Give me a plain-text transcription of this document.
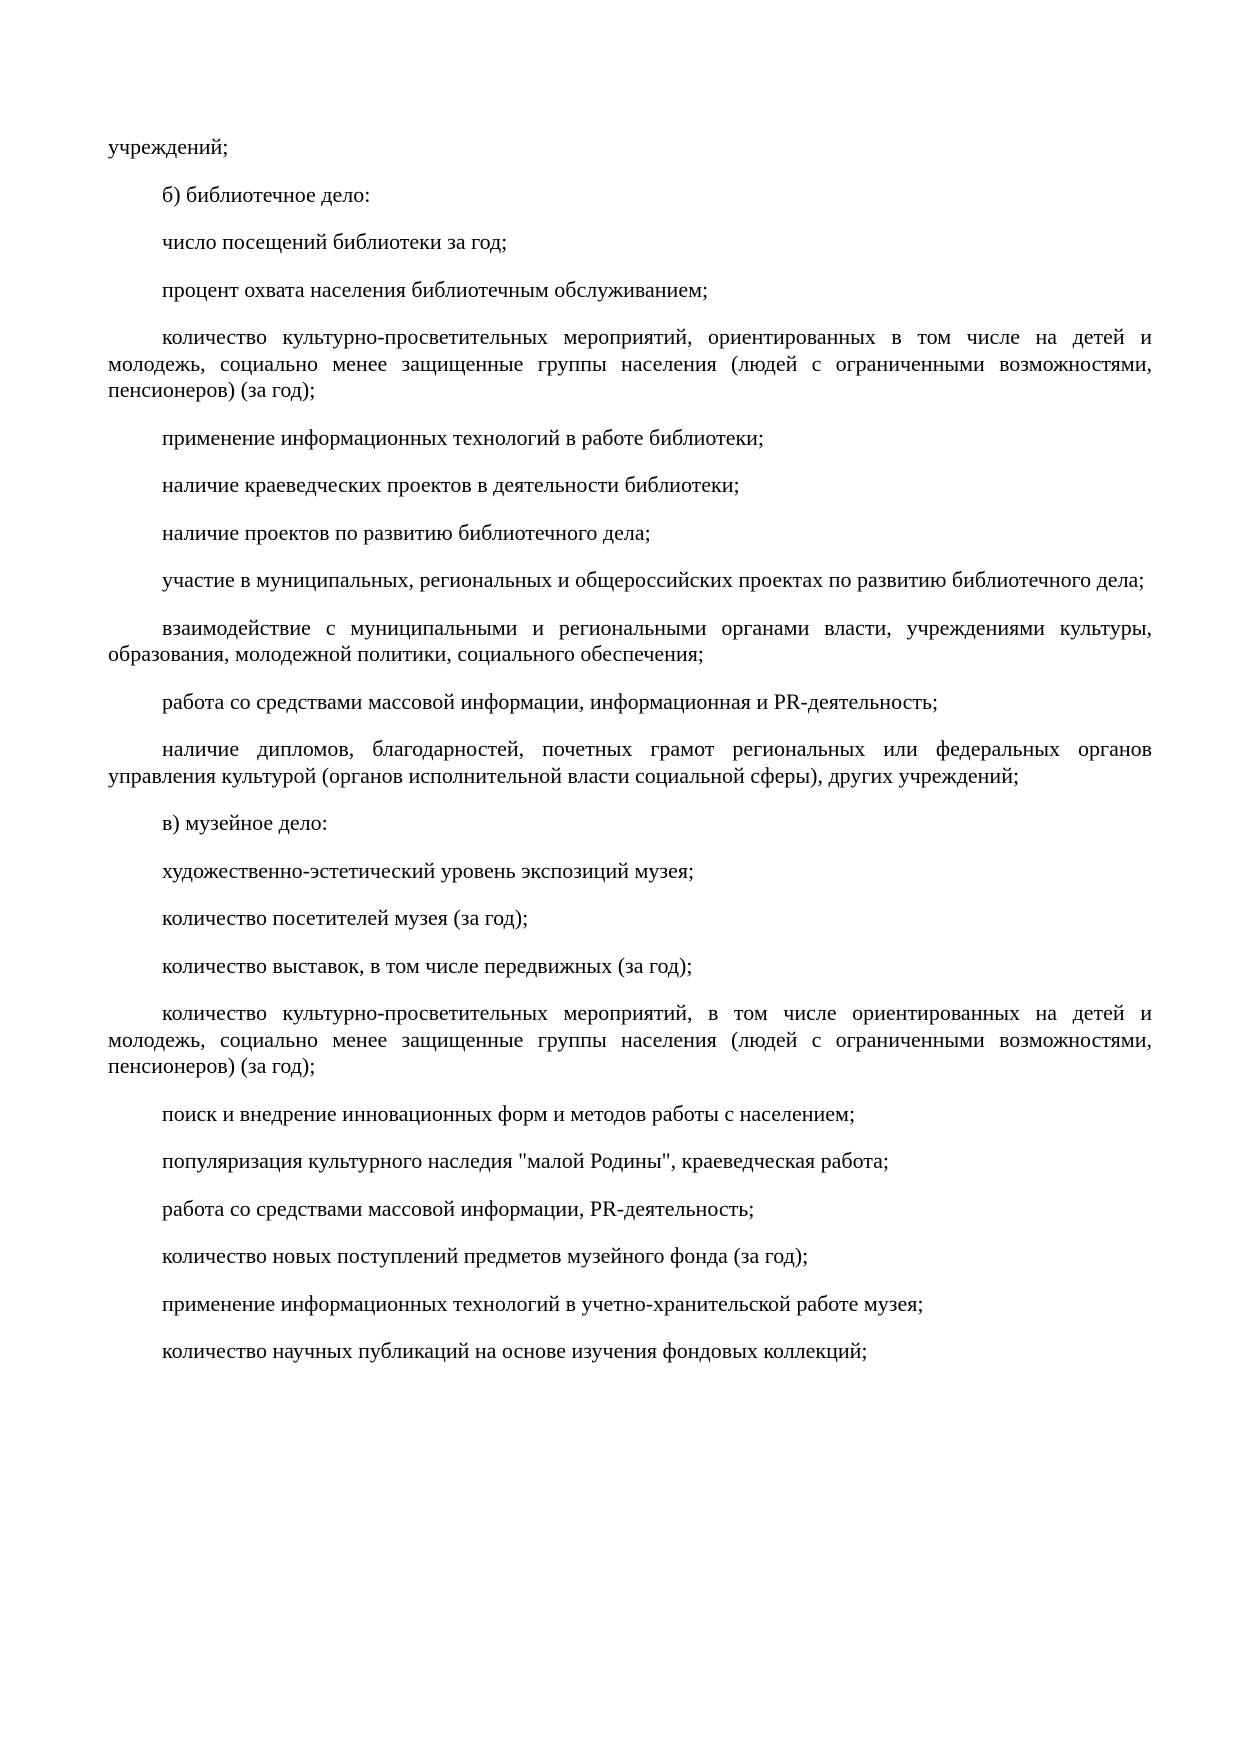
учреждений;

б) библиотечное дело:

число посещений библиотеки за год;

процент охвата населения библиотечным обслуживанием;

количество культурно-просветительных мероприятий, ориентированных в том числе на детей и молодежь, социально менее защищенные группы населения (людей с ограниченными возможностями, пенсионеров) (за год);

применение информационных технологий в работе библиотеки;

наличие краеведческих проектов в деятельности библиотеки;

наличие проектов по развитию библиотечного дела;

участие в муниципальных, региональных и общероссийских проектах по развитию библиотечного дела;

взаимодействие с муниципальными и региональными органами власти, учреждениями культуры, образования, молодежной политики, социального обеспечения;

работа со средствами массовой информации, информационная и PR-деятельность;

наличие дипломов, благодарностей, почетных грамот региональных или федеральных органов управления культурой (органов исполнительной власти социальной сферы), других учреждений;

в) музейное дело:

художественно-эстетический уровень экспозиций музея;

количество посетителей музея (за год);

количество выставок, в том числе передвижных (за год);

количество культурно-просветительных мероприятий, в том числе ориентированных на детей и молодежь, социально менее защищенные группы населения (людей с ограниченными возможностями, пенсионеров) (за год);

поиск и внедрение инновационных форм и методов работы с населением;

популяризация культурного наследия "малой Родины", краеведческая работа;

работа со средствами массовой информации, PR-деятельность;

количество новых поступлений предметов музейного фонда (за год);

применение информационных технологий в учетно-хранительской работе музея;

количество научных публикаций на основе изучения фондовых коллекций;
